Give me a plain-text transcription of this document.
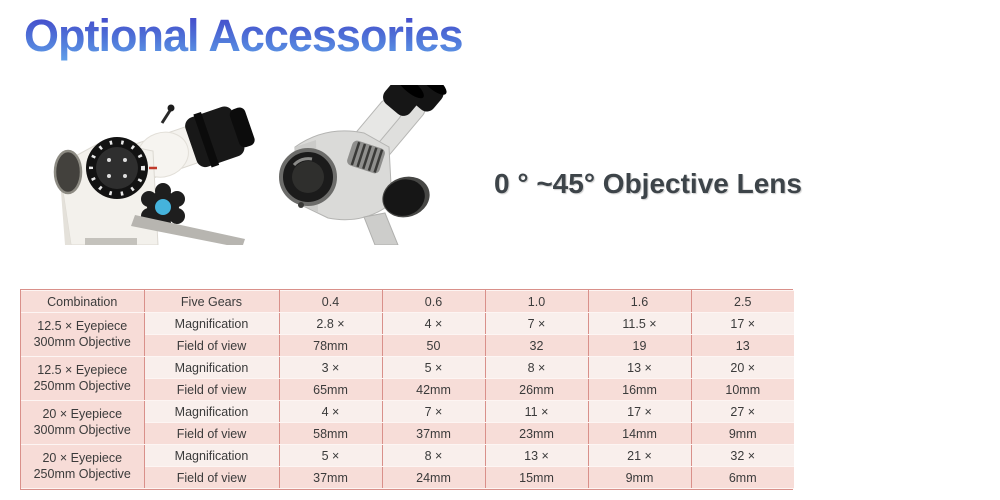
Optional Accessories

0 ° ~45° Objective Lens

Combination	Five Gears	0.4	0.6	1.0	1.6	2.5

12.5 × Eyepiece
300mm Objective	Magnification	2.8 ×	4 ×	7 ×	11.5 ×	17 ×
	Field of view	78mm	50	32	19	13

12.5 × Eyepiece
250mm Objective	Magnification	3 ×	5 ×	8 ×	13 ×	20 ×
	Field of view	65mm	42mm	26mm	16mm	10mm

20 × Eyepiece
300mm Objective	Magnification	4 ×	7 ×	11 ×	17 ×	27 ×
	Field of view	58mm	37mm	23mm	14mm	9mm

20 × Eyepiece
250mm Objective	Magnification	5 ×	8 ×	13 ×	21 ×	32 ×
	Field of view	37mm	24mm	15mm	9mm	6mm
